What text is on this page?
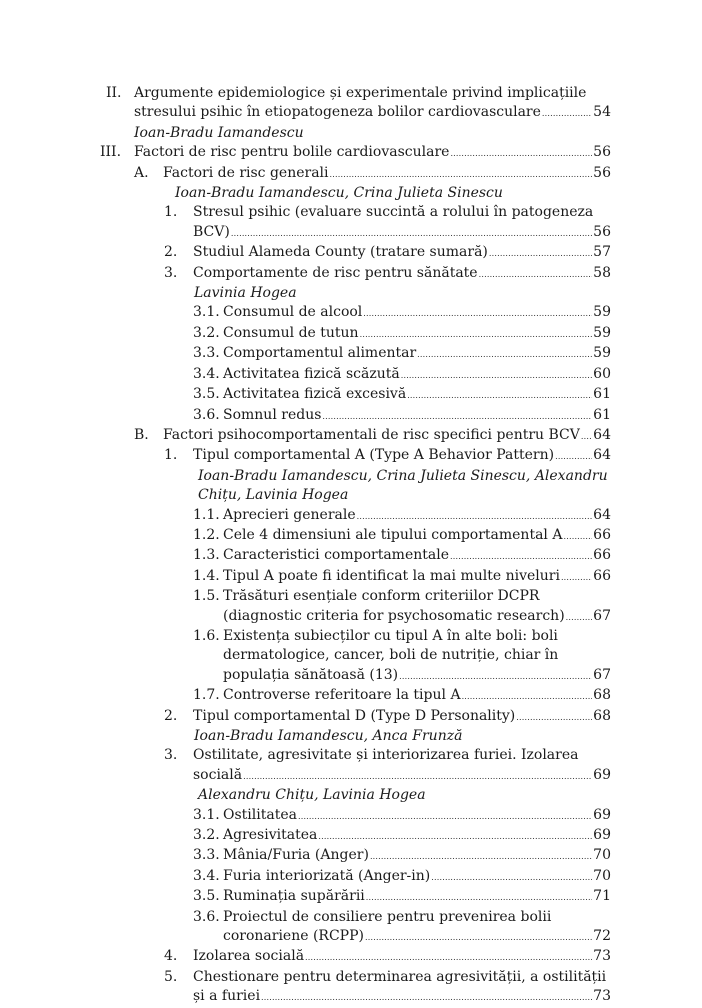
II. Argumente epidemiologice și experimentale privind implicațiile
stresului psihic în etiopatogeneza bolilor cardiovasculare .....	54
Ioan-Bradu Iamandescu
III. Factori de risc pentru bolile cardiovasculare .....	56
A. Factori de risc generali .....	56
Ioan-Bradu Iamandescu, Crina Julieta Sinescu
1. Stresul psihic (evaluare succintă a rolului în patogeneza
BCV) .....	56
2. Studiul Alameda County (tratare sumară) .....	57
3. Comportamente de risc pentru sănătate .....	58
Lavinia Hogea
3.1. Consumul de alcool .....	59
3.2. Consumul de tutun .....	59
3.3. Comportamentul alimentar .....	59
3.4. Activitatea fizică scăzută .....	60
3.5. Activitatea fizică excesivă .....	61
3.6. Somnul redus .....	61
B. Factori psihocomportamentali de risc specifici pentru BCV ..... 64
1. Tipul comportamental A (Type A Behavior Pattern) .....	64
Ioan-Bradu Iamandescu, Crina Julieta Sinescu, Alexandru
Chițu, Lavinia Hogea
1.1. Aprecieri generale .....	64
1.2. Cele 4 dimensiuni ale tipului comportamental A ..... 66
1.3. Caracteristici comportamentale .....	66
1.4. Tipul A poate fi identificat la mai multe niveluri ..... 66
1.5. Trăsături esențiale conform criteriilor DCPR
(diagnostic criteria for psychosomatic research) ..... 67
1.6. Existența subiecților cu tipul A în alte boli: boli
dermatologice, cancer, boli de nutriție, chiar în
populația sănătoasă (13) .....	67
1.7. Controverse referitoare la tipul A .....	68
2. Tipul comportamental D (Type D Personality) .....	68
Ioan-Bradu Iamandescu, Anca Frunză
3. Ostilitate, agresivitate și interiorizarea furiei. Izolarea
socială .....	69
Alexandru Chițu, Lavinia Hogea
3.1. Ostilitatea .....	69
3.2. Agresivitatea .....	69
3.3. Mânia/Furia (Anger) .....	70
3.4. Furia interiorizată (Anger-in) .....	70
3.5. Ruminația supărării .....	71
3.6. Proiectul de consiliere pentru prevenirea bolii
coronariene (RCPP) .....	72
4. Izolarea socială .....	73
5. Chestionare pentru determinarea agresivității, a ostilității
și a furiei .....	73
